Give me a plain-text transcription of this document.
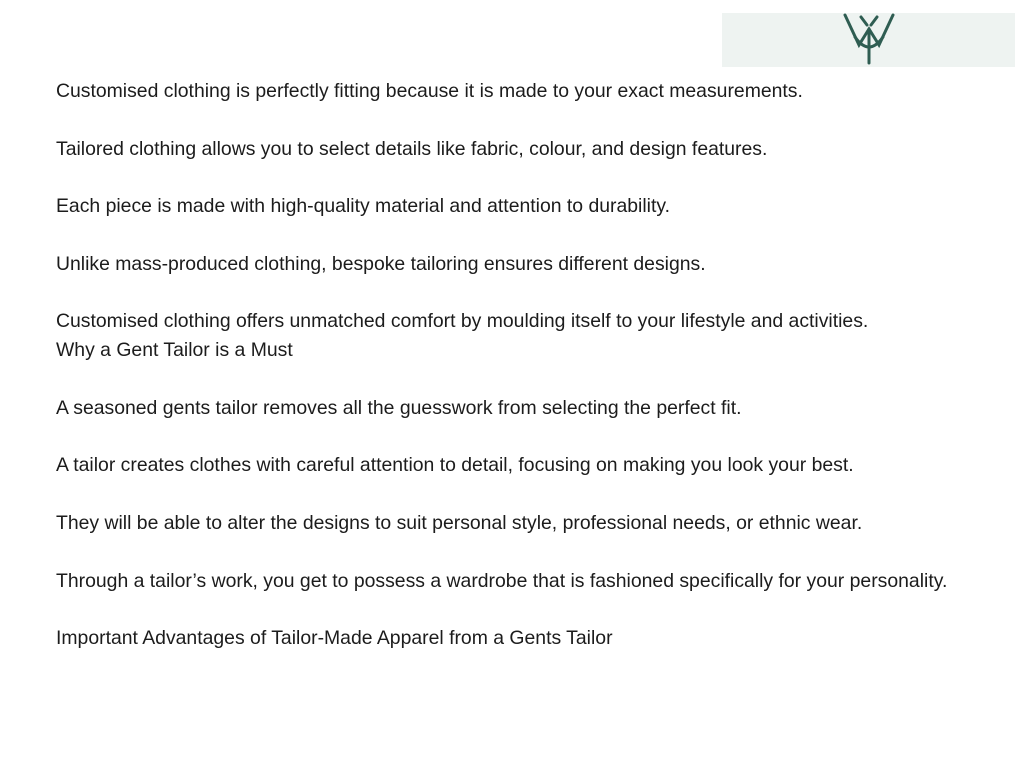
Customised clothing is perfectly fitting because it is made to your exact measurements.

Tailored clothing allows you to select details like fabric, colour, and design features.

Each piece is made with high-quality material and attention to durability.

Unlike mass-produced clothing, bespoke tailoring ensures different designs.

Customised clothing offers unmatched comfort by moulding itself to your lifestyle and activities.

Why a Gent Tailor is a Must

A seasoned gents tailor removes all the guesswork from selecting the perfect fit.

A tailor creates clothes with careful attention to detail, focusing on making you look your best.

They will be able to alter the designs to suit personal style, professional needs, or ethnic wear.

Through a tailor’s work, you get to possess a wardrobe that is fashioned specifically for your personality.

Important Advantages of Tailor-Made Apparel from a Gents Tailor
